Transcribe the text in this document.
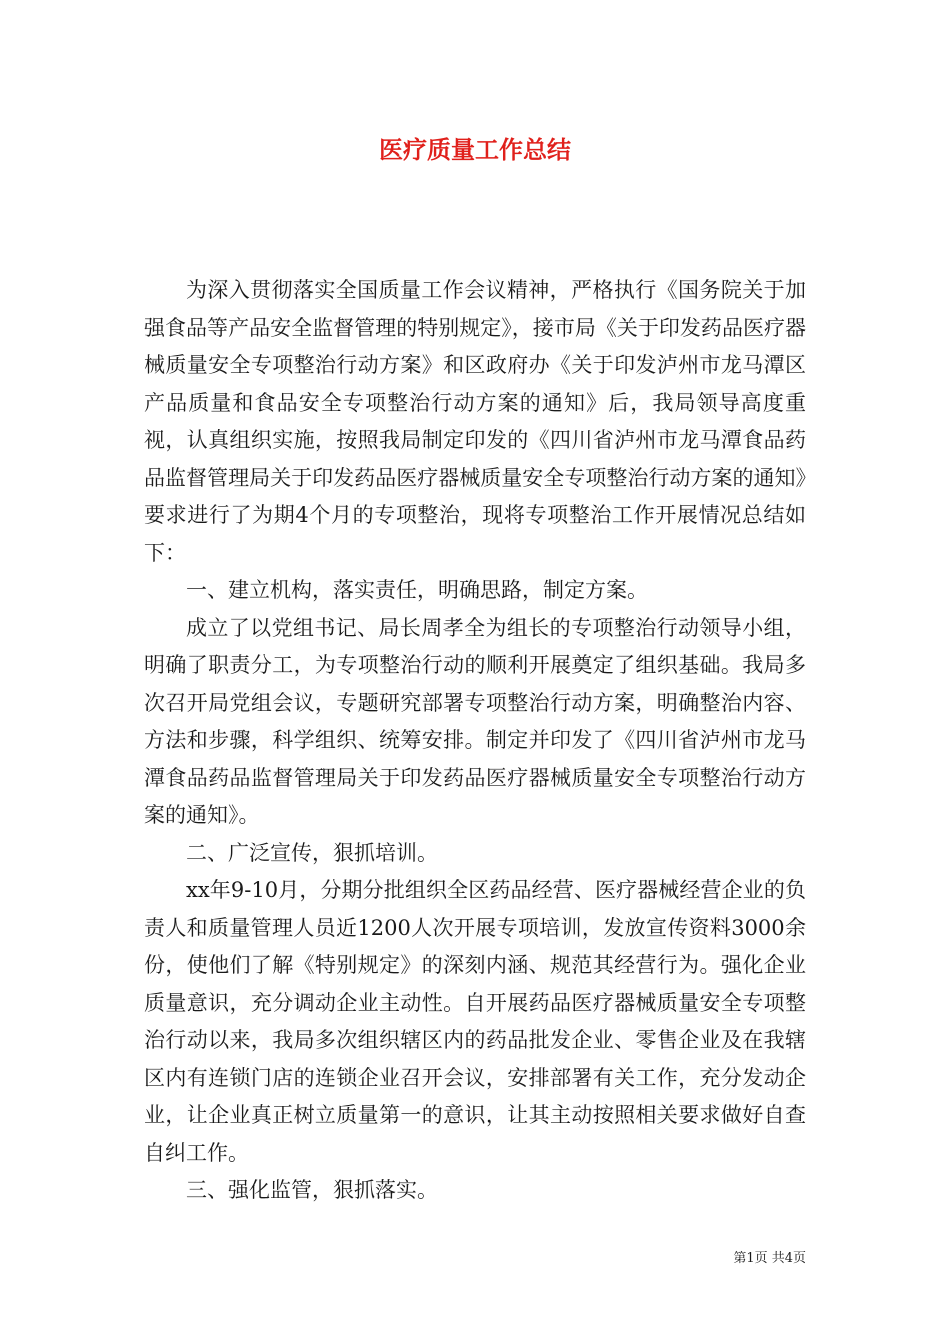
医疗质量工作总结

为深入贯彻落实全国质量工作会议精神，严格执行《国务院关于加强食品等产品安全监督管理的特别规定》，接市局《关于印发药品医疗器械质量安全专项整治行动方案》和区政府办《关于印发泸州市龙马潭区产品质量和食品安全专项整治行动方案的通知》后，我局领导高度重视，认真组织实施，按照我局制定印发的《四川省泸州市龙马潭食品药品监督管理局关于印发药品医疗器械质量安全专项整治行动方案的通知》要求进行了为期4个月的专项整治，现将专项整治工作开展情况总结如下：

一、建立机构，落实责任，明确思路，制定方案。

成立了以党组书记、局长周孝全为组长的专项整治行动领导小组，明确了职责分工，为专项整治行动的顺利开展奠定了组织基础。我局多次召开局党组会议，专题研究部署专项整治行动方案，明确整治内容、方法和步骤，科学组织、统筹安排。制定并印发了《四川省泸州市龙马潭食品药品监督管理局关于印发药品医疗器械质量安全专项整治行动方案的通知》。

二、广泛宣传，狠抓培训。

xx年9-10月，分期分批组织全区药品经营、医疗器械经营企业的负责人和质量管理人员近1200人次开展专项培训，发放宣传资料3000余份，使他们了解《特别规定》的深刻内涵、规范其经营行为。强化企业质量意识，充分调动企业主动性。自开展药品医疗器械质量安全专项整治行动以来，我局多次组织辖区内的药品批发企业、零售企业及在我辖区内有连锁门店的连锁企业召开会议，安排部署有关工作，充分发动企业，让企业真正树立质量第一的意识，让其主动按照相关要求做好自查自纠工作。

三、强化监管，狠抓落实。

第1页 共4页
